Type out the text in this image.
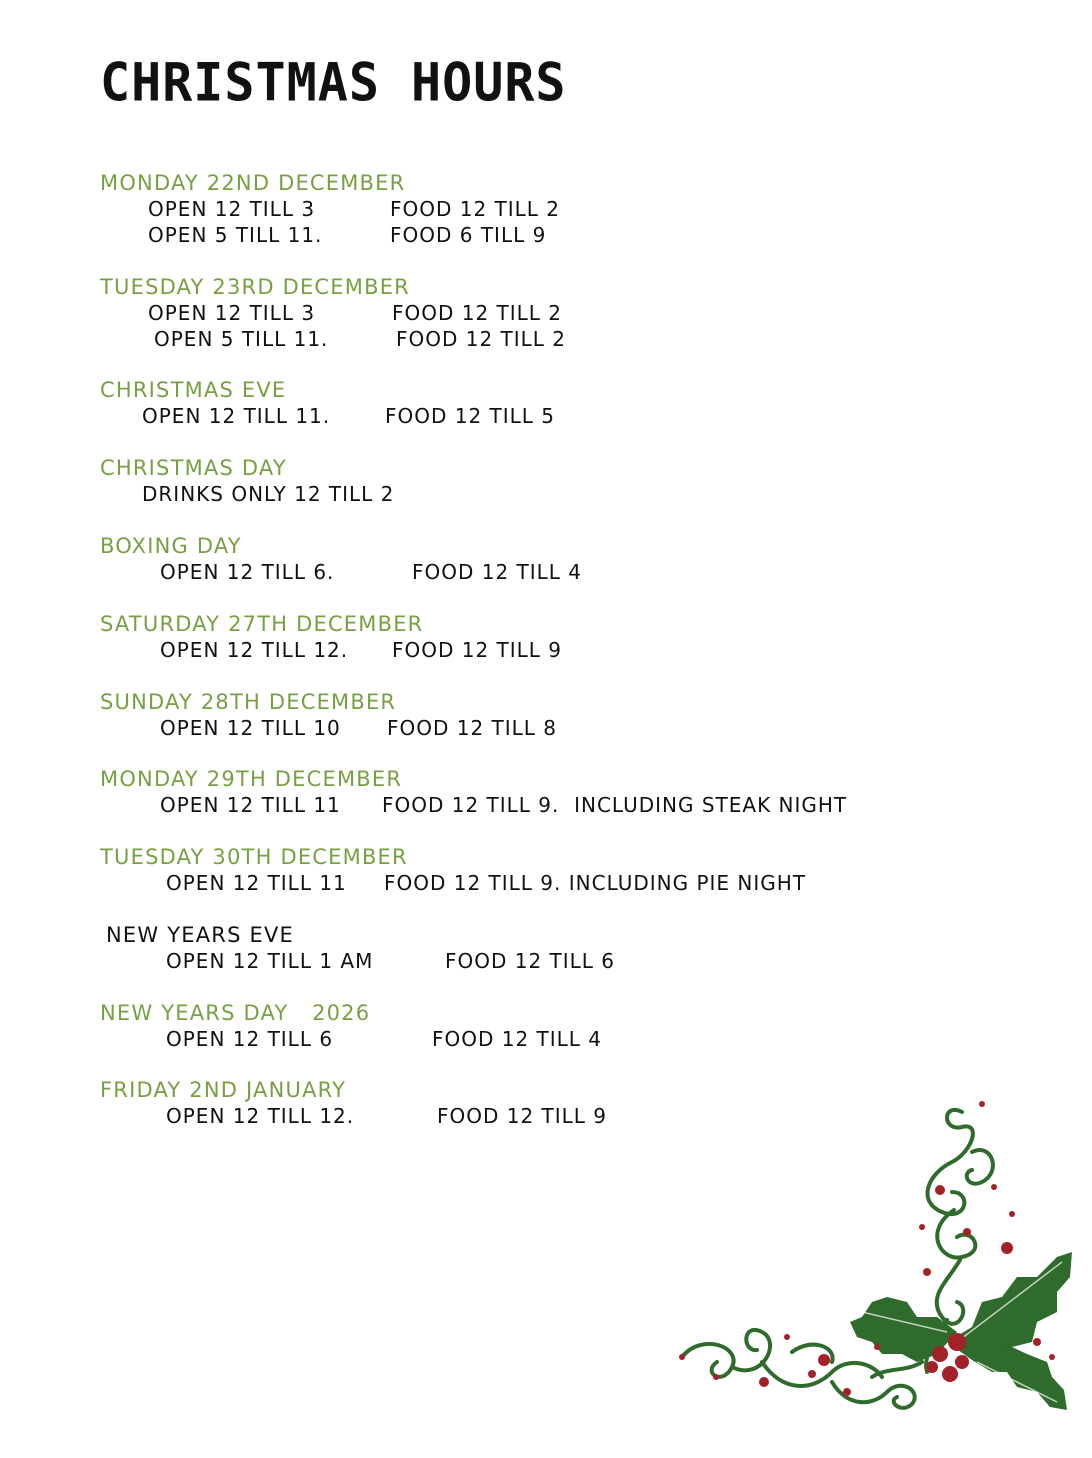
CHRISTMAS HOURS
MONDAY 22ND DECEMBER
OPEN 12 TILL 3	FOOD 12 TILL 2
OPEN 5 TILL 11.	FOOD 6 TILL 9
TUESDAY 23RD DECEMBER
OPEN 12 TILL 3	FOOD 12 TILL 2
OPEN 5 TILL 11.	FOOD 12 TILL 2
CHRISTMAS EVE
OPEN 12 TILL 11.	FOOD 12 TILL 5
CHRISTMAS DAY
DRINKS ONLY 12 TILL 2
BOXING DAY
OPEN 12 TILL 6.	FOOD 12 TILL 4
SATURDAY 27TH DECEMBER
OPEN 12 TILL 12. FOOD 12 TILL 9
SUNDAY 28TH DECEMBER
OPEN 12 TILL 10 FOOD 12 TILL 8
MONDAY 29TH DECEMBER
OPEN 12 TILL 11 FOOD 12 TILL 9.  INCLUDING STEAK NIGHT
TUESDAY 30TH DECEMBER
OPEN 12 TILL 11 FOOD 12 TILL 9. INCLUDING PIE NIGHT
NEW YEARS EVE
OPEN 12 TILL 1 AM	FOOD 12 TILL 6
NEW YEARS DAY   2026
OPEN 12 TILL 6	FOOD 12 TILL 4
FRIDAY 2ND JANUARY
OPEN 12 TILL 12.	FOOD 12 TILL 9
